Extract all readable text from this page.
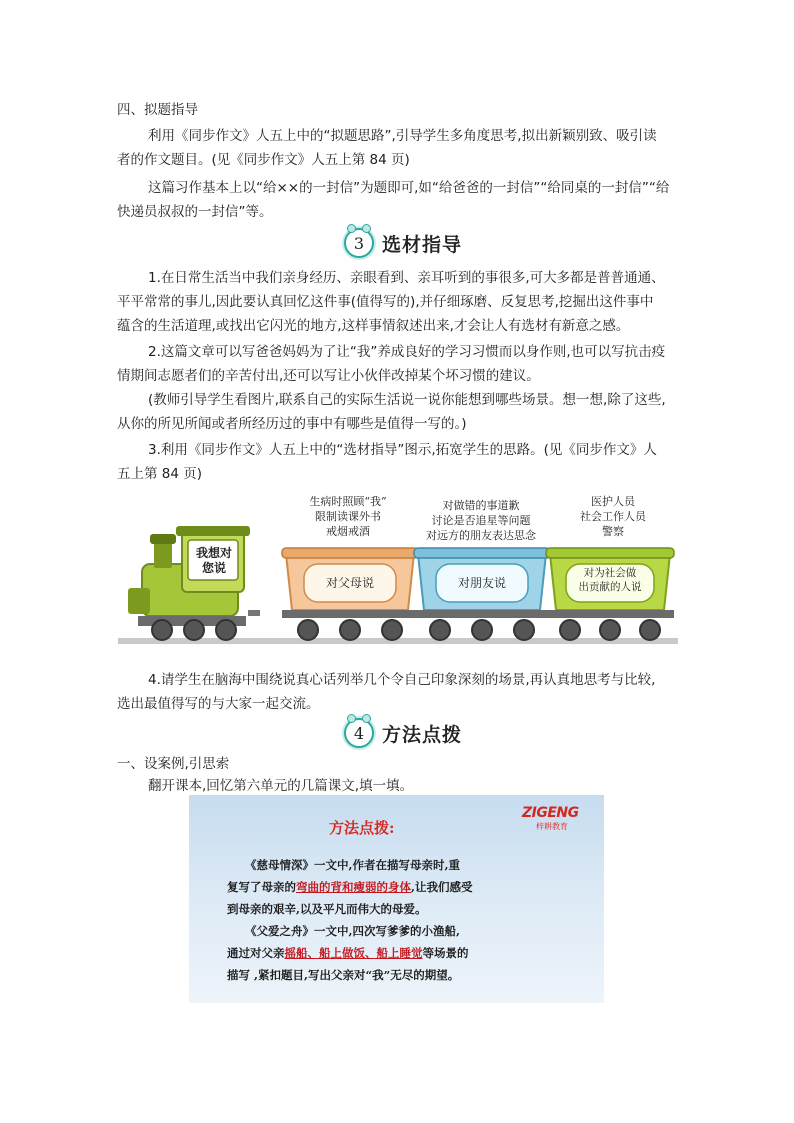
四、拟题指导
利用《同步作文》人五上中的“拟题思路”,引导学生多角度思考,拟出新颖别致、吸引读
者的作文题目。(见《同步作文》人五上第 84 页)
这篇习作基本上以“给××的一封信”为题即可,如“给爸爸的一封信”“给同桌的一封信”“给
快递员叔叔的一封信”等。
3 选材指导
1.在日常生活当中我们亲身经历、亲眼看到、亲耳听到的事很多,可大多都是普普通通、
平平常常的事儿,因此要认真回忆这件事(值得写的),并仔细琢磨、反复思考,挖掘出这件事中
蕴含的生活道理,或找出它闪光的地方,这样事情叙述出来,才会让人有选材有新意之感。
2.这篇文章可以写爸爸妈妈为了让“我”养成良好的学习习惯而以身作则,也可以写抗击疫
情期间志愿者们的辛苦付出,还可以写让小伙伴改掉某个坏习惯的建议。
(教师引导学生看图片,联系自己的实际生活说一说你能想到哪些场景。想一想,除了这些,
从你的所见所闻或者所经历过的事中有哪些是值得一写的。)
3.利用《同步作文》人五上中的“选材指导”图示,拓宽学生的思路。(见《同步作文》人
五上第 84 页)
我想对
您说
对父母说	对朋友说
对为社会做
出贡献的人说
生病时照顾“我”
限制读课外书
戒烟戒酒
对做错的事道歉
讨论是否追星等问题
对远方的朋友表达思念
医护人员
社会工作人员
警察
4.请学生在脑海中围绕说真心话列举几个令自己印象深刻的场景,再认真地思考与比较,
选出最值得写的与大家一起交流。
4 方法点拨
一、设案例,引思索
翻开课本,回忆第六单元的几篇课文,填一填。
方法点拨:
ZIGENG
梓耕教育
《慈母情深》一文中,作者在描写母亲时,重
复写了母亲的弯曲的背和瘦弱的身体,让我们感受
到母亲的艰辛,以及平凡而伟大的母爱。
《父爱之舟》一文中,四次写爹爹的小渔船,
通过对父亲摇船、船上做饭、船上睡觉等场景的
描写 ,紧扣题目,写出父亲对“我”无尽的期望。
